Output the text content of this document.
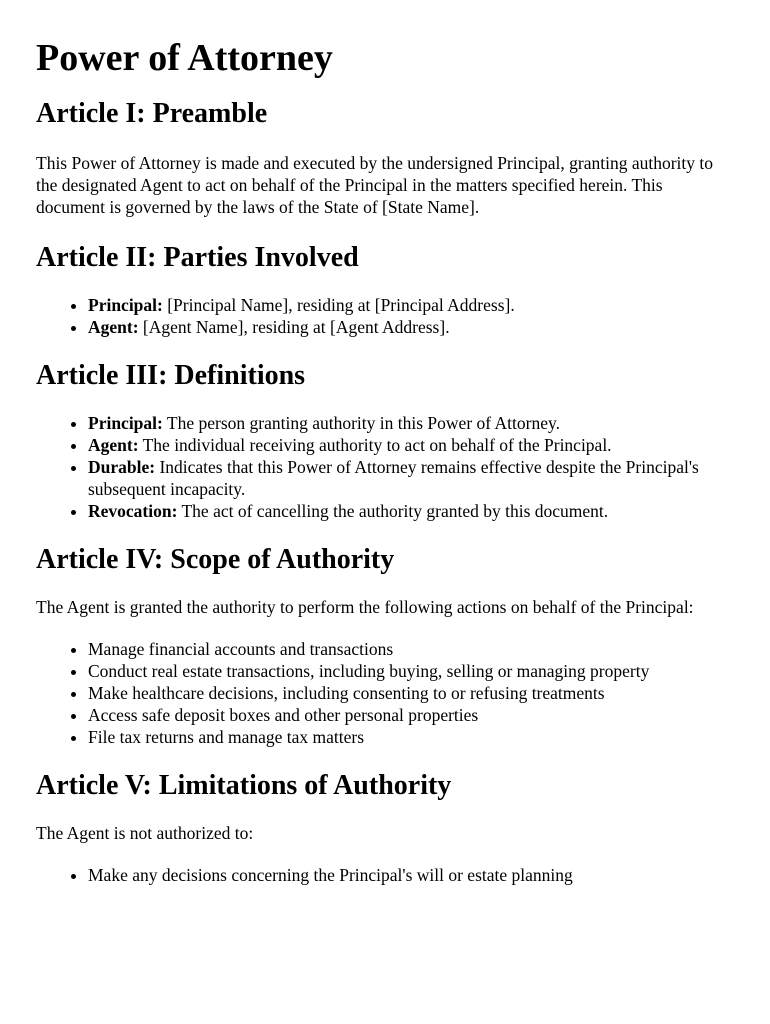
Power of Attorney
Article I: Preamble

This Power of Attorney is made and executed by the undersigned Principal, granting authority to the designated Agent to act on behalf of the Principal in the matters specified herein. This document is governed by the laws of the State of [State Name].

Article II: Parties Involved
• Principal: [Principal Name], residing at [Principal Address].
• Agent: [Agent Name], residing at [Agent Address].
Article III: Definitions
• Principal: The person granting authority in this Power of Attorney.
• Agent: The individual receiving authority to act on behalf of the Principal.
• Durable: Indicates that this Power of Attorney remains effective despite the Principal's subsequent incapacity.
• Revocation: The act of cancelling the authority granted by this document.
Article IV: Scope of Authority

The Agent is granted the authority to perform the following actions on behalf of the Principal:

• Manage financial accounts and transactions
• Conduct real estate transactions, including buying, selling or managing property
• Make healthcare decisions, including consenting to or refusing treatments
• Access safe deposit boxes and other personal properties
• File tax returns and manage tax matters
Article V: Limitations of Authority

The Agent is not authorized to:

• Make any decisions concerning the Principal's will or estate planning
